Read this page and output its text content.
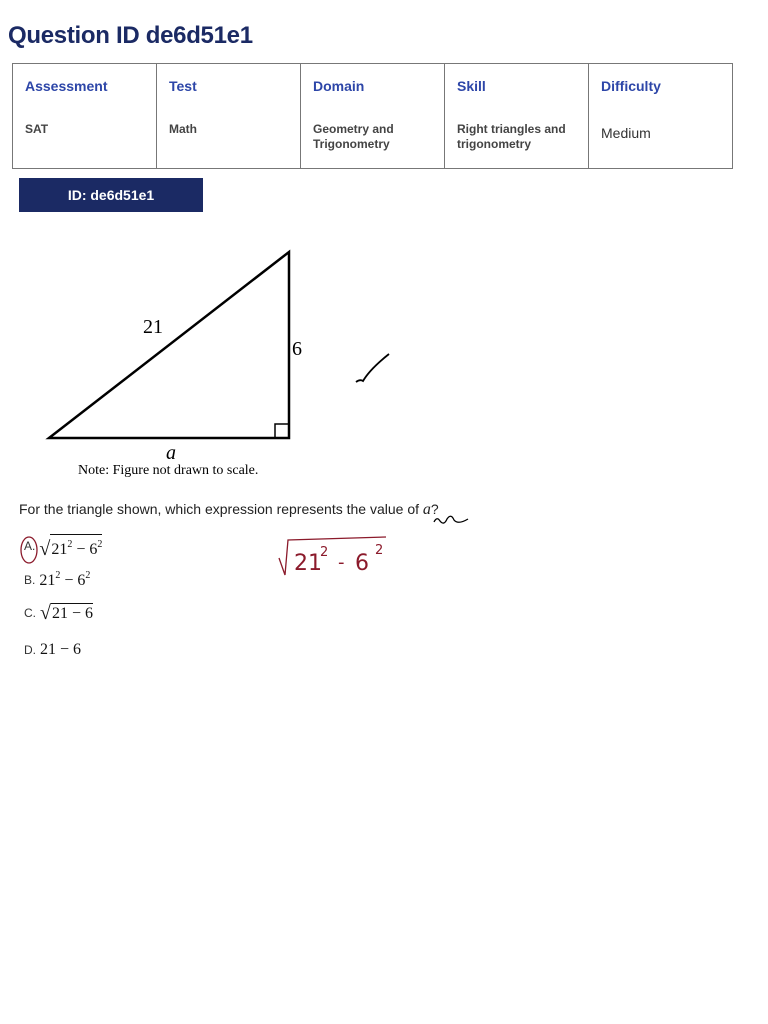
Question ID de6d51e1
Assessment	Test	Domain	Skill	Difficulty
SAT	Math	Geometry and Trigonometry	Right triangles and trigonometry	Medium
ID: de6d51e1
21
6
a
Note: Figure not drawn to scale.
For the triangle shown, which expression represents the value of a?
A. √ $21^2 - 6^2$
B. $21^2 - 6^2$
C. √ 21 − 6
D. 21 − 6
21
2 - 6
2
